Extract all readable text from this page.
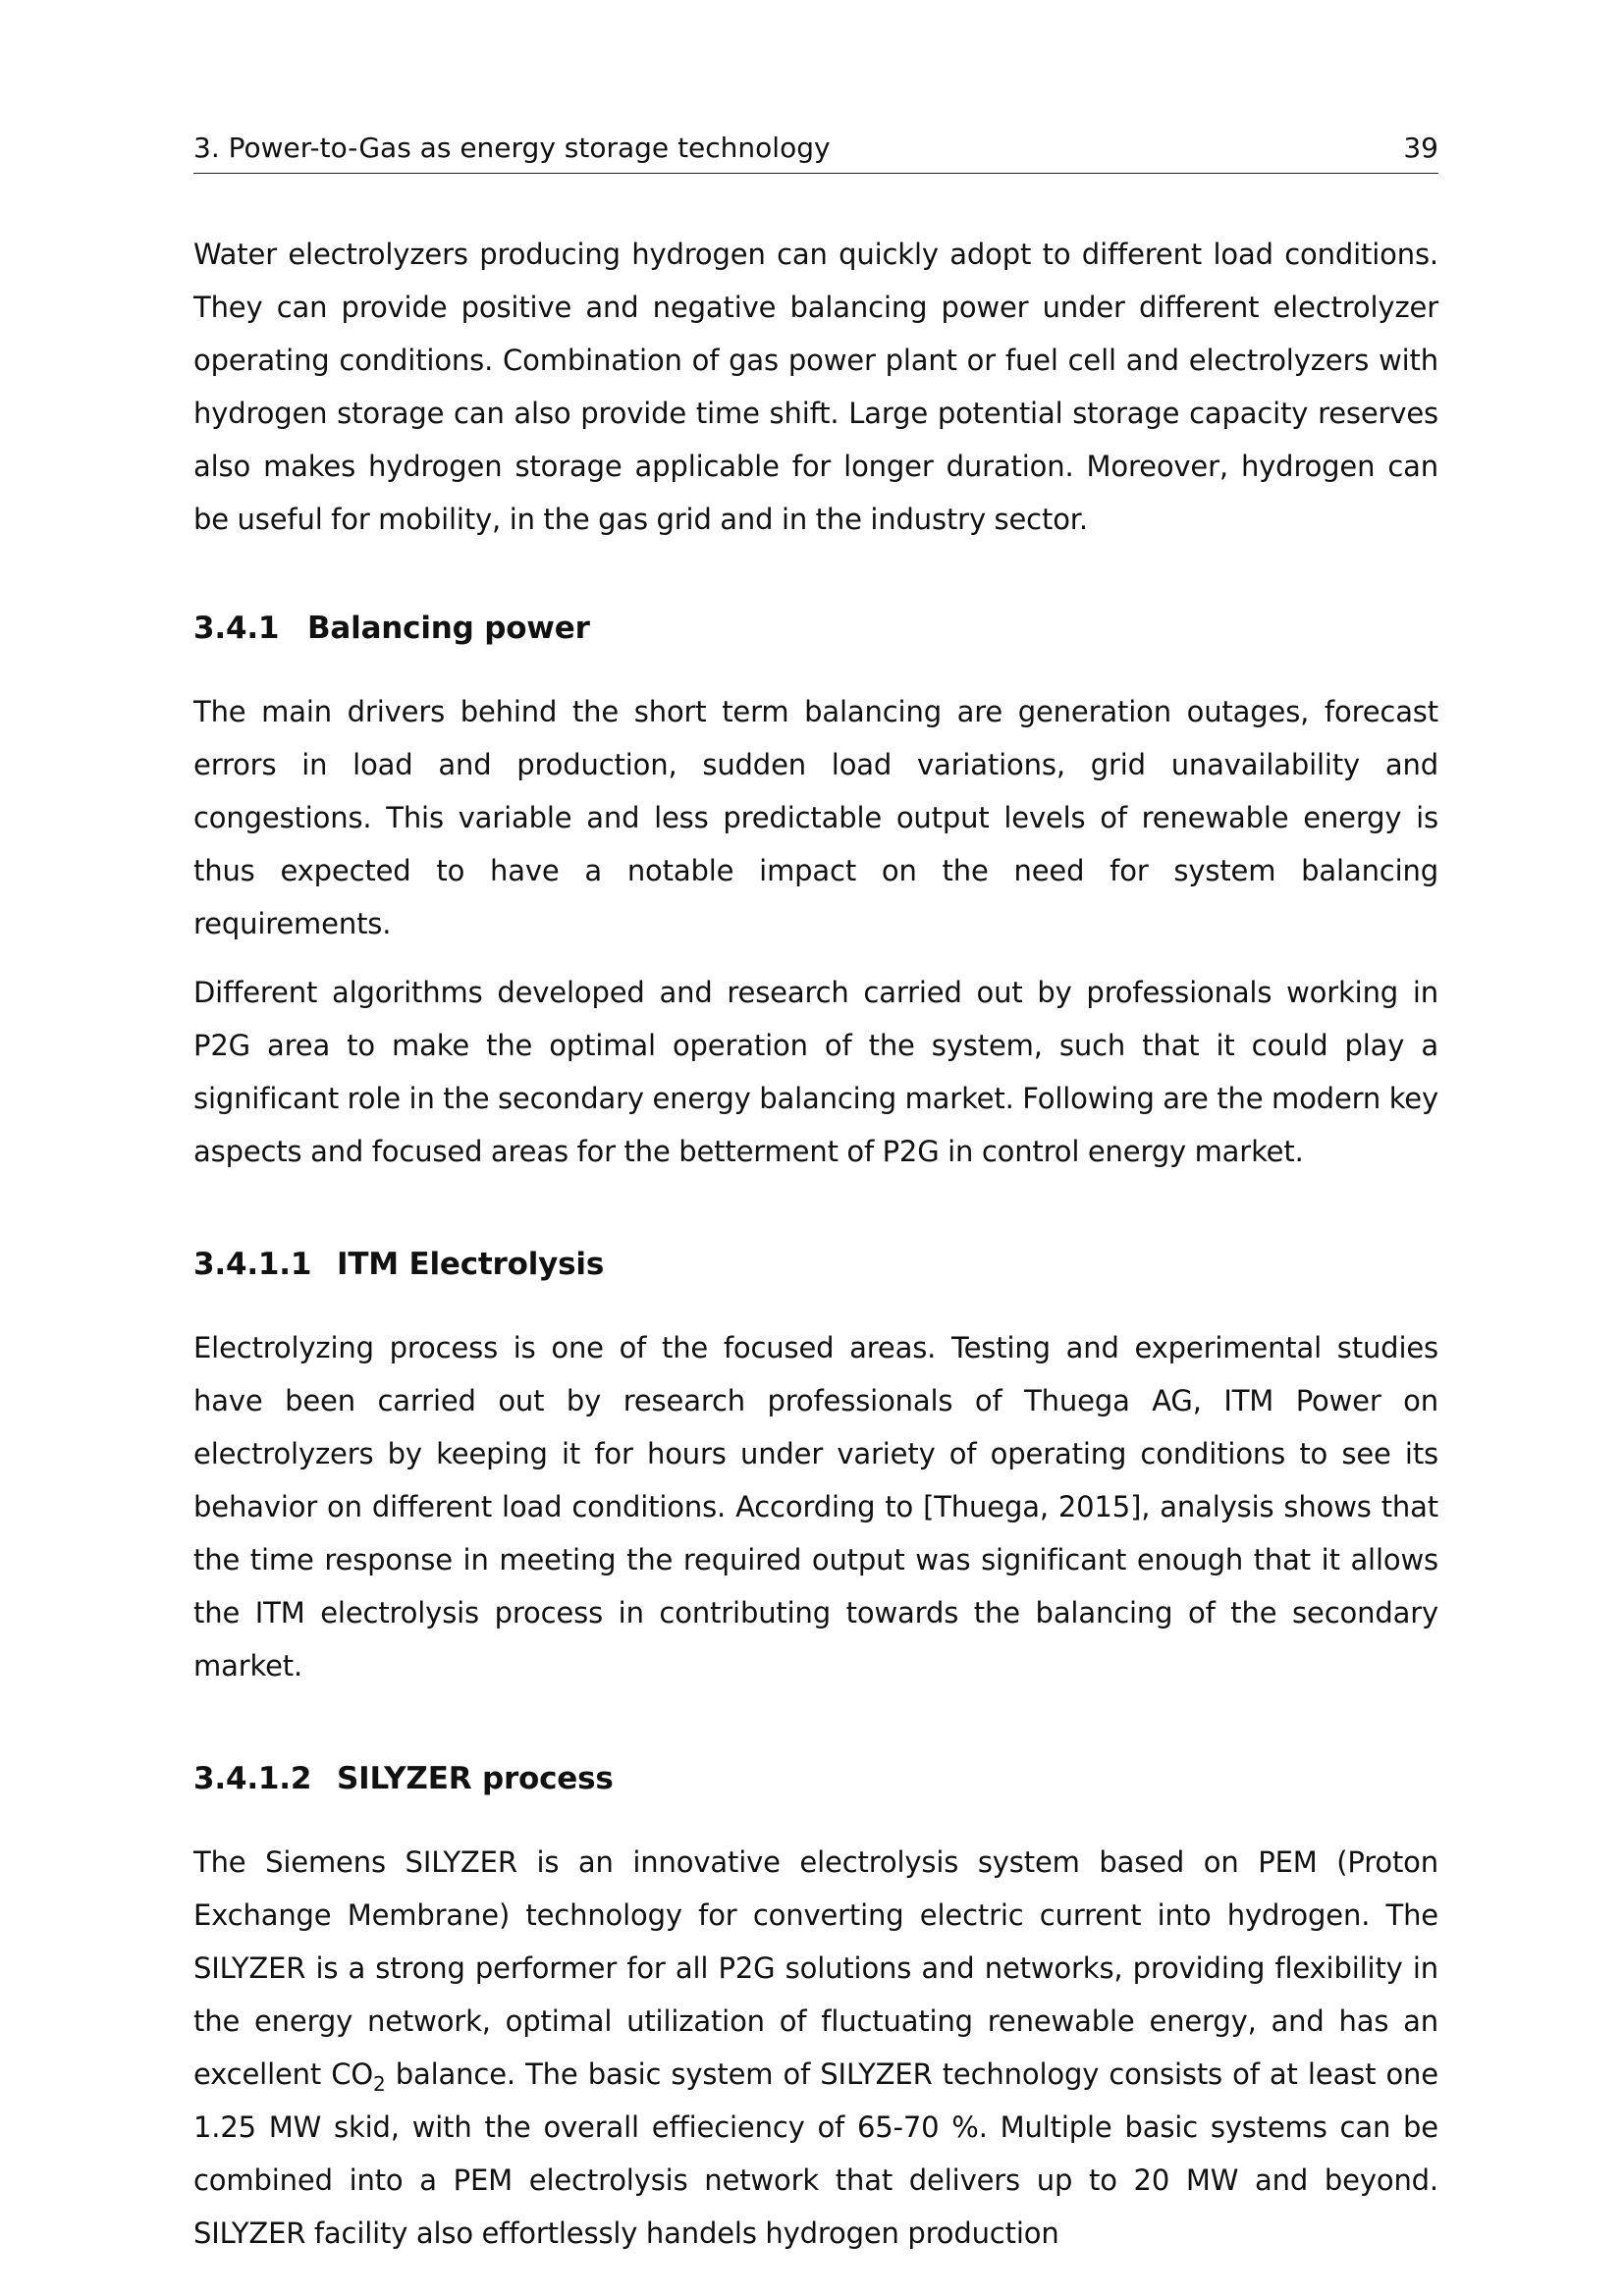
3. Power-to-Gas as energy storage technology	39

Water electrolyzers producing hydrogen can quickly adopt to different load conditions. They can provide positive and negative balancing power under different electrolyzer operating conditions. Combination of gas power plant or fuel cell and electrolyzers with hydrogen storage can also provide time shift. Large potential storage capacity reserves also makes hydrogen storage applicable for longer duration. Moreover, hydrogen can be useful for mobility, in the gas grid and in the industry sector.

3.4.1 Balancing power

The main drivers behind the short term balancing are generation outages, forecast errors in load and production, sudden load variations, grid unavailability and congestions. This variable and less predictable output levels of renewable energy is thus expected to have a notable impact on the need for system balancing requirements.

Different algorithms developed and research carried out by professionals working in P2G area to make the optimal operation of the system, such that it could play a significant role in the secondary energy balancing market. Following are the modern key aspects and focused areas for the betterment of P2G in control energy market.

3.4.1.1 ITM Electrolysis

Electrolyzing process is one of the focused areas. Testing and experimental studies have been carried out by research professionals of Thuega AG, ITM Power on electrolyzers by keeping it for hours under variety of operating conditions to see its behavior on different load conditions. According to [Thuega, 2015], analysis shows that the time response in meeting the required output was significant enough that it allows the ITM electrolysis process in contributing towards the balancing of the secondary market.

3.4.1.2 SILYZER process

The Siemens SILYZER is an innovative electrolysis system based on PEM (Proton Exchange Membrane) technology for converting electric current into hydrogen. The SILYZER is a strong performer for all P2G solutions and networks, providing flexibility in the energy network, optimal utilization of fluctuating renewable energy, and has an excellent $CO_2$ balance. The basic system of SILYZER technology consists of at least one 1.25 MW skid, with the overall effieciency of 65-70 %. Multiple basic systems can be combined into a PEM electrolysis network that delivers up to 20 MW and beyond. SILYZER facility also effortlessly handels hydrogen production
